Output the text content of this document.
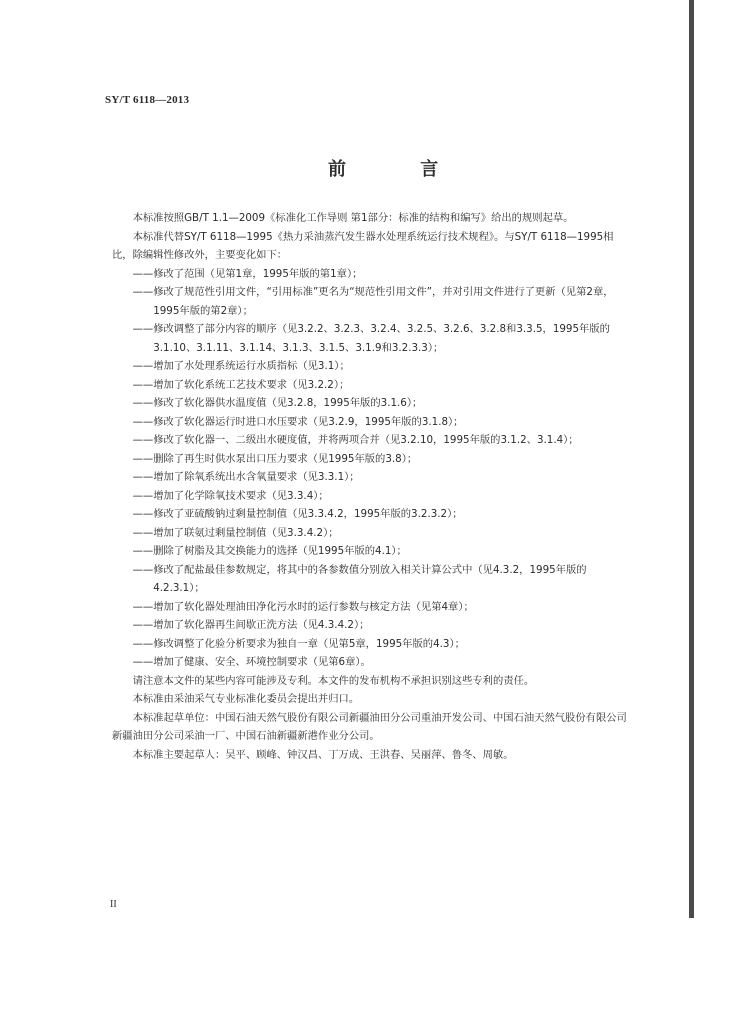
SY/T 6118—2013
前 言

本标准按照GB/T 1.1—2009《标准化工作导则 第1部分：标准的结构和编写》给出的规则起草。

本标准代替SY/T 6118—1995《热力采油蒸汽发生器水处理系统运行技术规程》。与SY/T 6118—1995相比，除编辑性修改外，主要变化如下：

——修改了范围（见第1章，1995年版的第1章）；

——修改了规范性引用文件，“引用标准”更名为“规范性引用文件”，并对引用文件进行了更新（见第2章，1995年版的第2章）；

——修改调整了部分内容的顺序（见3.2.2、3.2.3、3.2.4、3.2.5、3.2.6、3.2.8和3.3.5，1995年版的3.1.10、3.1.11、3.1.14、3.1.3、3.1.5、3.1.9和3.2.3.3）；

——增加了水处理系统运行水质指标（见3.1）；

——增加了软化系统工艺技术要求（见3.2.2）；

——修改了软化器供水温度值（见3.2.8，1995年版的3.1.6）；

——修改了软化器运行时进口水压要求（见3.2.9，1995年版的3.1.8）；

——修改了软化器一、二级出水硬度值，并将两项合并（见3.2.10，1995年版的3.1.2、3.1.4）；

——删除了再生时供水泵出口压力要求（见1995年版的3.8）；

——增加了除氧系统出水含氧量要求（见3.3.1）；

——增加了化学除氧技术要求（见3.3.4）；

——修改了亚硫酸钠过剩量控制值（见3.3.4.2，1995年版的3.2.3.2）；

——增加了联氨过剩量控制值（见3.3.4.2）；

——删除了树脂及其交换能力的选择（见1995年版的4.1）；

——修改了配盐最佳参数规定，将其中的各参数值分别放入相关计算公式中（见4.3.2，1995年版的4.2.3.1）；

——增加了软化器处理油田净化污水时的运行参数与核定方法（见第4章）；

——增加了软化器再生间歇正洗方法（见4.3.4.2）；

——修改调整了化验分析要求为独自一章（见第5章，1995年版的4.3）；

——增加了健康、安全、环境控制要求（见第6章）。

请注意本文件的某些内容可能涉及专利。本文件的发布机构不承担识别这些专利的责任。

本标准由采油采气专业标准化委员会提出并归口。

本标准起草单位：中国石油天然气股份有限公司新疆油田分公司重油开发公司、中国石油天然气股份有限公司新疆油田分公司采油一厂、中国石油新疆新港作业分公司。

本标准主要起草人：吴平、顾峰、钟汉昌、丁万成、王洪春、吴丽萍、鲁冬、周敏。

II
